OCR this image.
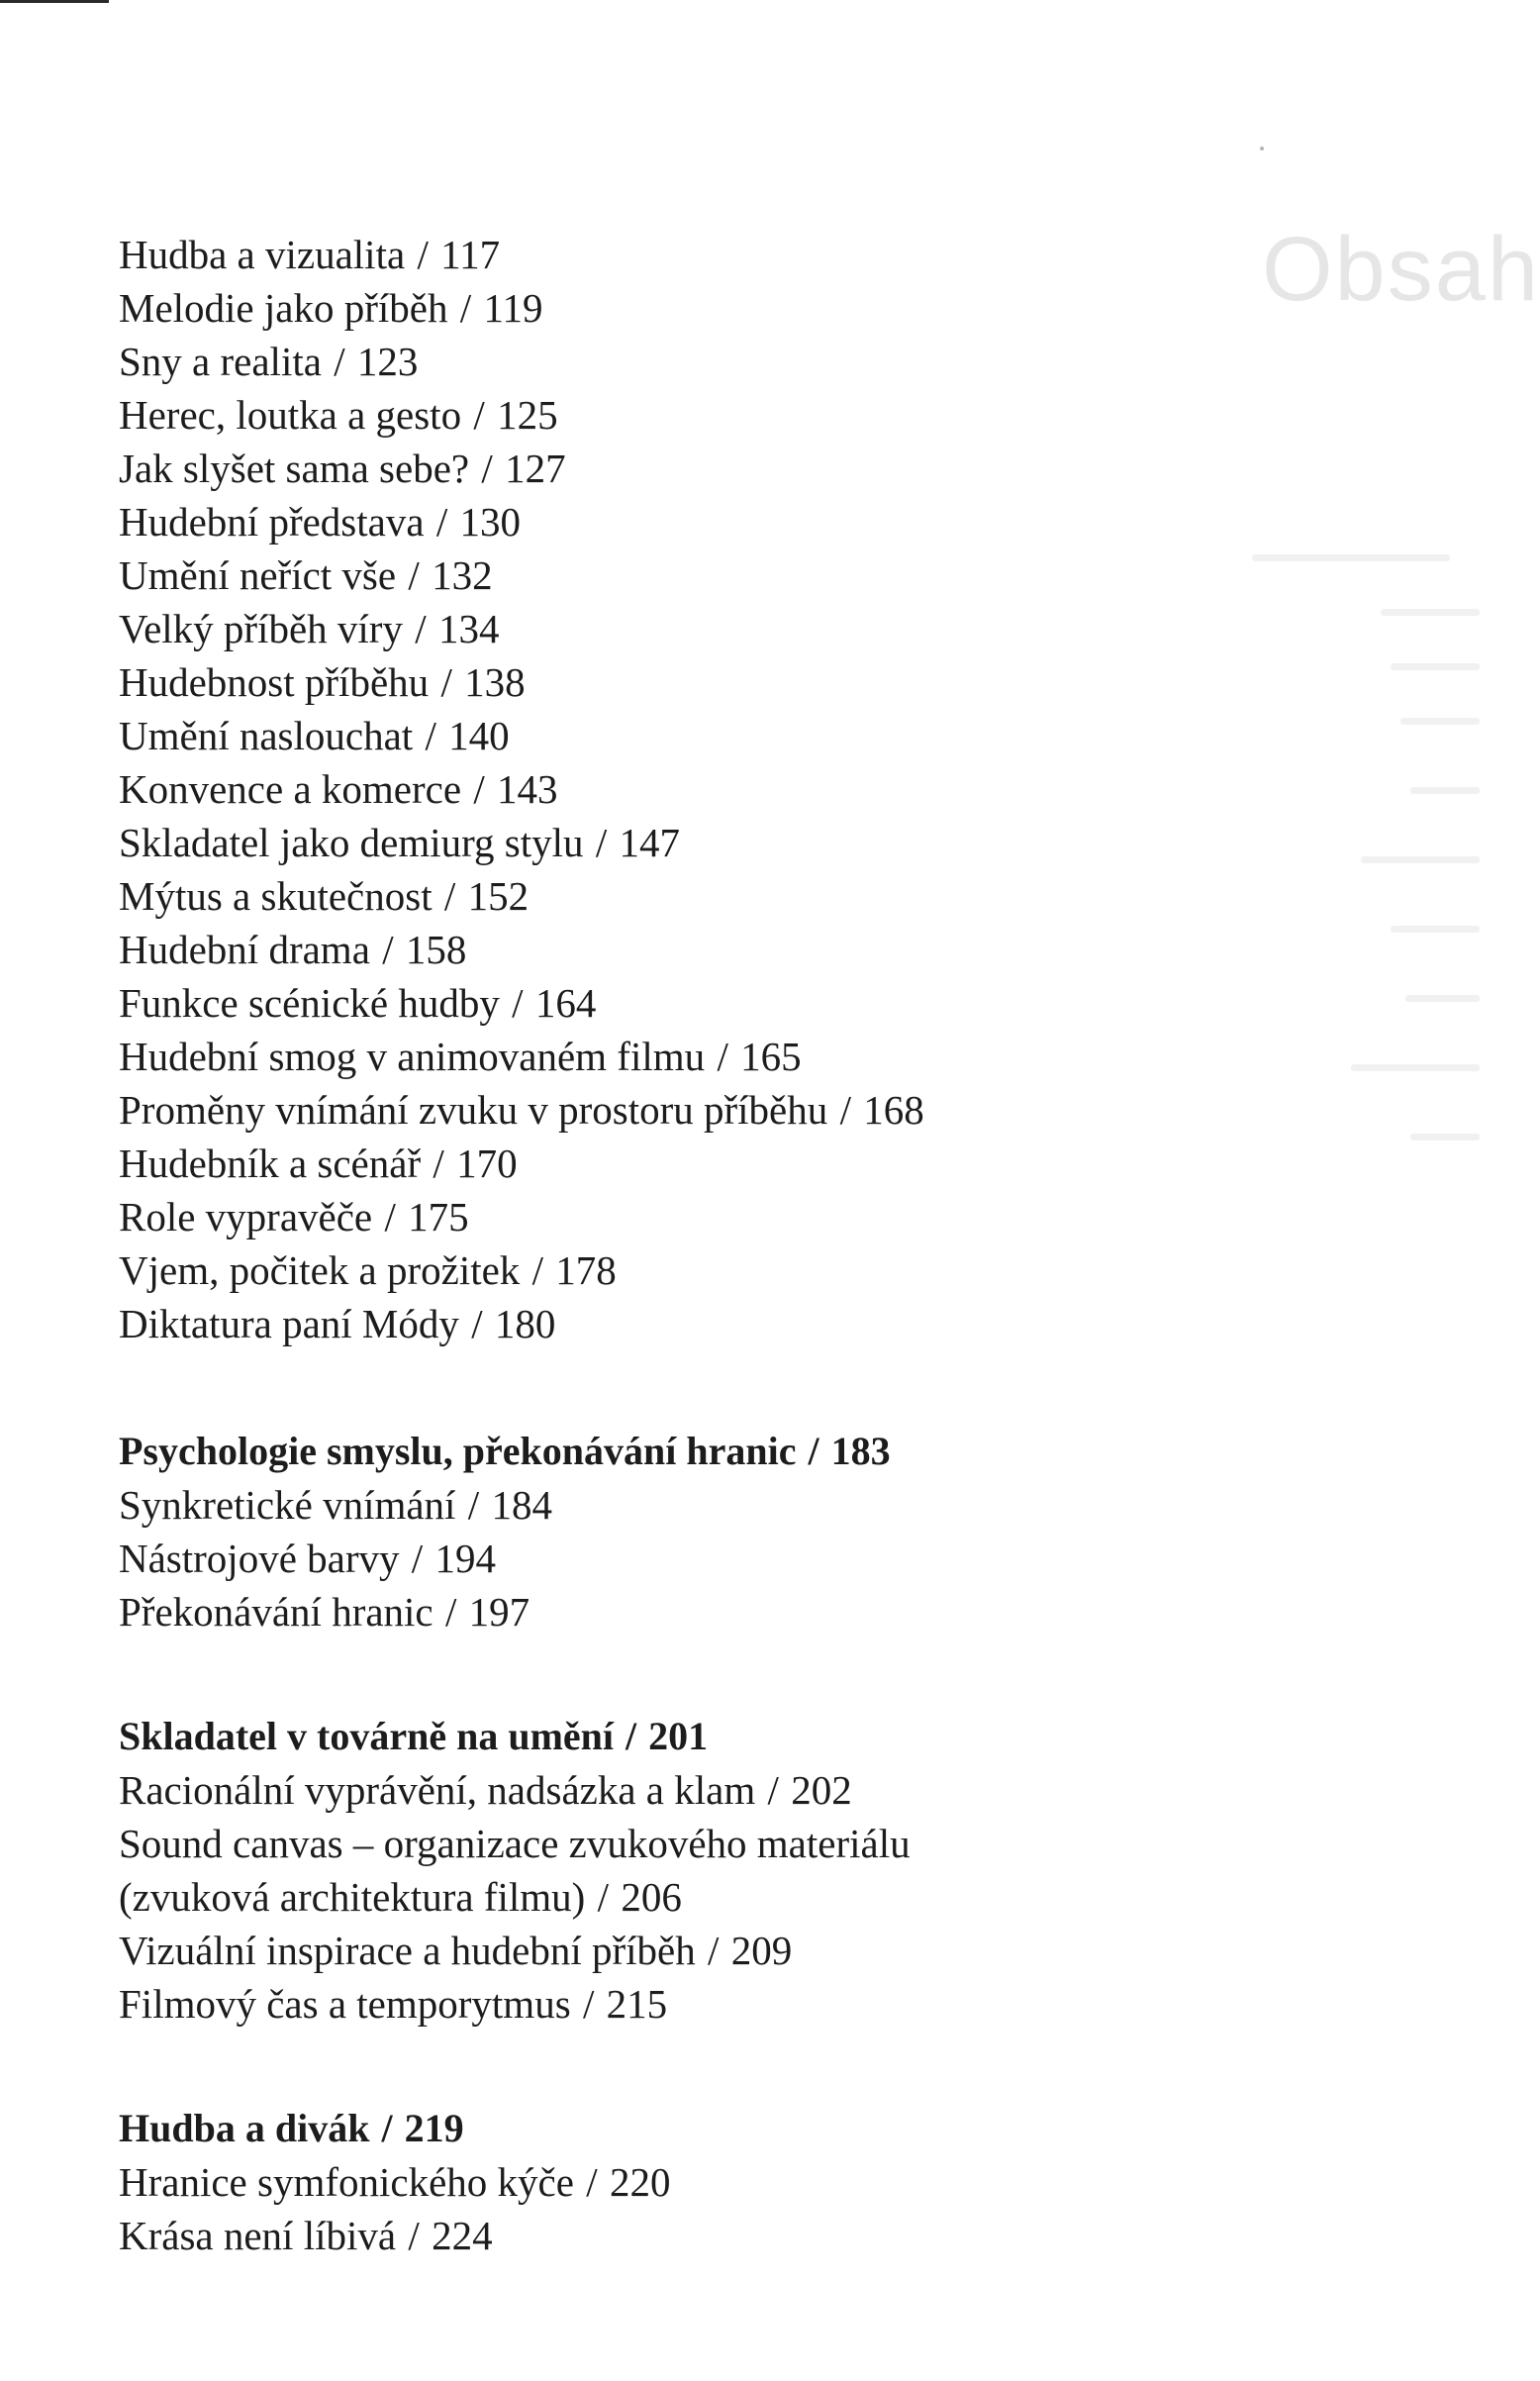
Obsah
Hudba a vizualita / 117
Melodie jako příběh / 119
Sny a realita / 123
Herec, loutka a gesto / 125
Jak slyšet sama sebe? / 127
Hudební představa / 130
Umění neříct vše / 132
Velký příběh víry / 134
Hudebnost příběhu / 138
Umění naslouchat / 140
Konvence a komerce / 143
Skladatel jako demiurg stylu / 147
Mýtus a skutečnost / 152
Hudební drama / 158
Funkce scénické hudby / 164
Hudební smog v animovaném filmu / 165
Proměny vnímání zvuku v prostoru příběhu / 168
Hudebník a scénář / 170
Role vypravěče / 175
Vjem, počitek a prožitek / 178
Diktatura paní Módy / 180
Psychologie smyslu, překonávání hranic / 183
Synkretické vnímání / 184
Nástrojové barvy / 194
Překonávání hranic / 197
Skladatel v továrně na umění / 201
Racionální vyprávění, nadsázka a klam / 202
Sound canvas – organizace zvukového materiálu
(zvuková architektura filmu) / 206
Vizuální inspirace a hudební příběh / 209
Filmový čas a temporytmus / 215
Hudba a divák / 219
Hranice symfonického kýče / 220
Krása není líbivá / 224
